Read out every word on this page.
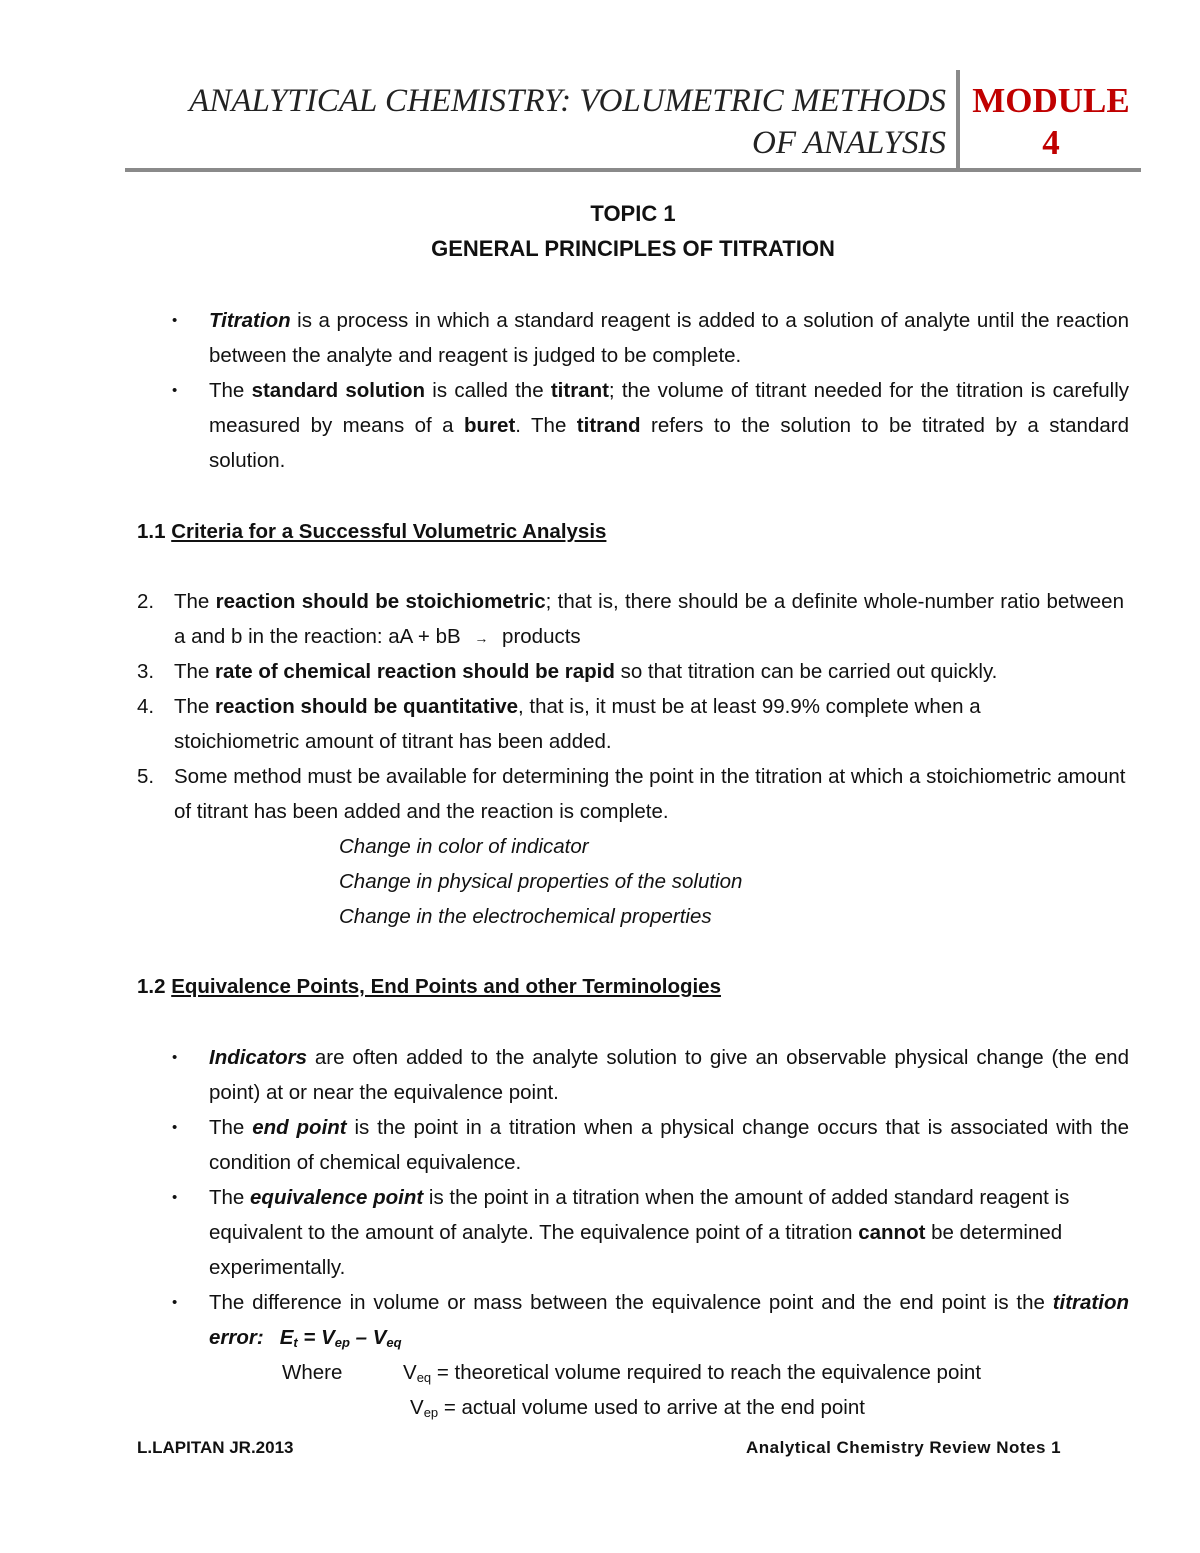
ANALYTICAL CHEMISTRY: VOLUMETRIC METHODS
OF ANALYSIS
MODULE
4
TOPIC 1
GENERAL PRINCIPLES OF TITRATION
• Titration is a process in which a standard reagent is added to a solution of analyte until the reaction between the analyte and reagent is judged to be complete.
• The standard solution is called the titrant; the volume of titrant needed for the titration is carefully measured by means of a buret. The titrand refers to the solution to be titrated by a standard solution.
1.1 Criteria for a Successful Volumetric Analysis
2. The reaction should be stoichiometric; that is, there should be a definite whole-number ratio between a and b in the reaction: aA + bB → products
3. The rate of chemical reaction should be rapid so that titration can be carried out quickly.
4. The reaction should be quantitative, that is, it must be at least 99.9% complete when a stoichiometric amount of titrant has been added.
5. Some method must be available for determining the point in the titration at which a stoichiometric amount of titrant has been added and the reaction is complete.
Change in color of indicator
Change in physical properties of the solution
Change in the electrochemical properties
1.2 Equivalence Points, End Points and other Terminologies
• Indicators are often added to the analyte solution to give an observable physical change (the end point) at or near the equivalence point.
• The end point is the point in a titration when a physical change occurs that is associated with the condition of chemical equivalence.
• The equivalence point is the point in a titration when the amount of added standard reagent is equivalent to the amount of analyte. The equivalence point of a titration cannot be determined experimentally.
• The difference in volume or mass between the equivalence point and the end point is the titration error: $E_t = V_{ep} - V_{eq}$
Where	$V_{eq}$ = theoretical volume required to reach the equivalence point
$V_{ep}$ = actual volume used to arrive at the end point
L.LAPITAN JR.2013	Analytical Chemistry Review Notes 1
